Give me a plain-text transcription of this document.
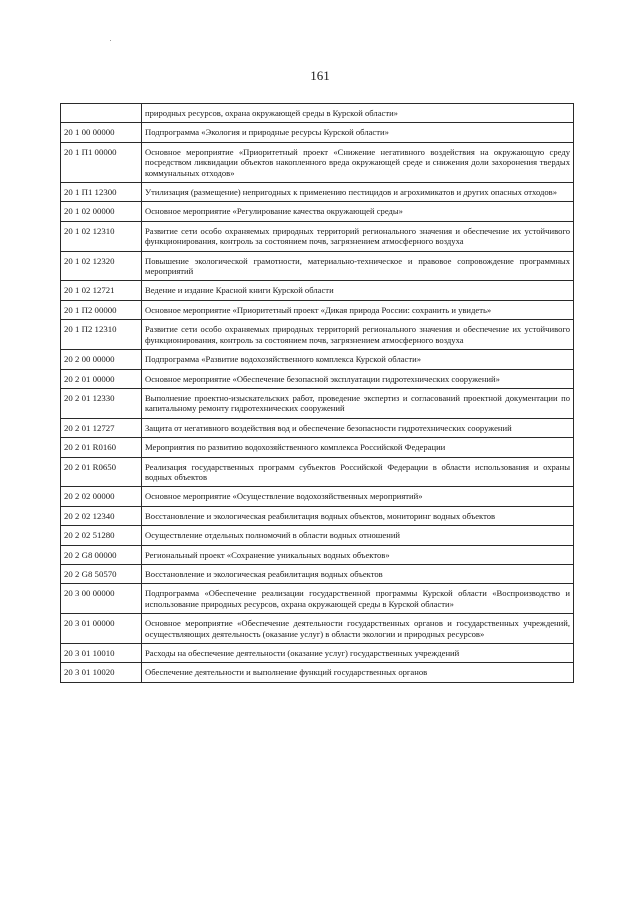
161
	природных ресурсов, охрана окружающей среды в Курской области»
20 1 00 00000	Подпрограмма «Экология и природные ресурсы Курской области»
20 1 П1 00000	Основное мероприятие «Приоритетный проект «Снижение негативного воздействия на окружающую среду посредством ликвидации объектов накопленного вреда окружающей среде и снижения доли захоронения твердых коммунальных отходов»
20 1 П1 12300	Утилизация (размещение) непригодных к применению пестицидов и агрохимикатов и других опасных отходов»
20 1 02 00000	Основное мероприятие «Регулирование качества окружающей среды»
20 1 02 12310	Развитие сети особо охраняемых природных территорий регионального значения и обеспечение их устойчивого функционирования, контроль за состоянием почв, загрязнением атмосферного воздуха
20 1 02 12320	Повышение экологической грамотности, материально-техническое и правовое сопровождение программных мероприятий
20 1 02 12721	Ведение и издание Красной книги Курской области
20 1 П2 00000	Основное мероприятие «Приоритетный проект «Дикая природа России: сохранить и увидеть»
20 1 П2 12310	Развитие сети особо охраняемых природных территорий регионального значения и обеспечение их устойчивого функционирования, контроль за состоянием почв, загрязнением атмосферного воздуха
20 2 00 00000	Подпрограмма «Развитие водохозяйственного комплекса Курской области»
20 2 01 00000	Основное мероприятие «Обеспечение безопасной эксплуатации гидротехнических сооружений»
20 2 01 12330	Выполнение проектно-изыскательских работ, проведение экспертиз и согласований проектной документации по капитальному ремонту гидротехнических сооружений
20 2 01 12727	Защита от негативного воздействия вод и обеспечение безопасности гидротехнических сооружений
20 2 01 R0160	Мероприятия по развитию водохозяйственного комплекса Российской Федерации
20 2 01 R0650	Реализация государственных программ субъектов Российской Федерации в области использования и охраны водных объектов
20 2 02 00000	Основное мероприятие «Осуществление водохозяйственных мероприятий»
20 2 02 12340	Восстановление и экологическая реабилитация водных объектов, мониторинг водных объектов
20 2 02 51280	Осуществление отдельных полномочий в области водных отношений
20 2 G8 00000	Региональный проект «Сохранение уникальных водных объектов»
20 2 G8 50570	Восстановление и экологическая реабилитация водных объектов
20 3 00 00000	Подпрограмма «Обеспечение реализации государственной программы Курской области «Воспроизводство и использование природных ресурсов, охрана окружающей среды в Курской области»
20 3 01 00000	Основное мероприятие «Обеспечение деятельности государственных органов и государственных учреждений, осуществляющих деятельность (оказание услуг) в области экологии и природных ресурсов»
20 3 01 10010	Расходы на обеспечение деятельности (оказание услуг) государственных учреждений
20 3 01 10020	Обеспечение деятельности и выполнение функций государственных органов
